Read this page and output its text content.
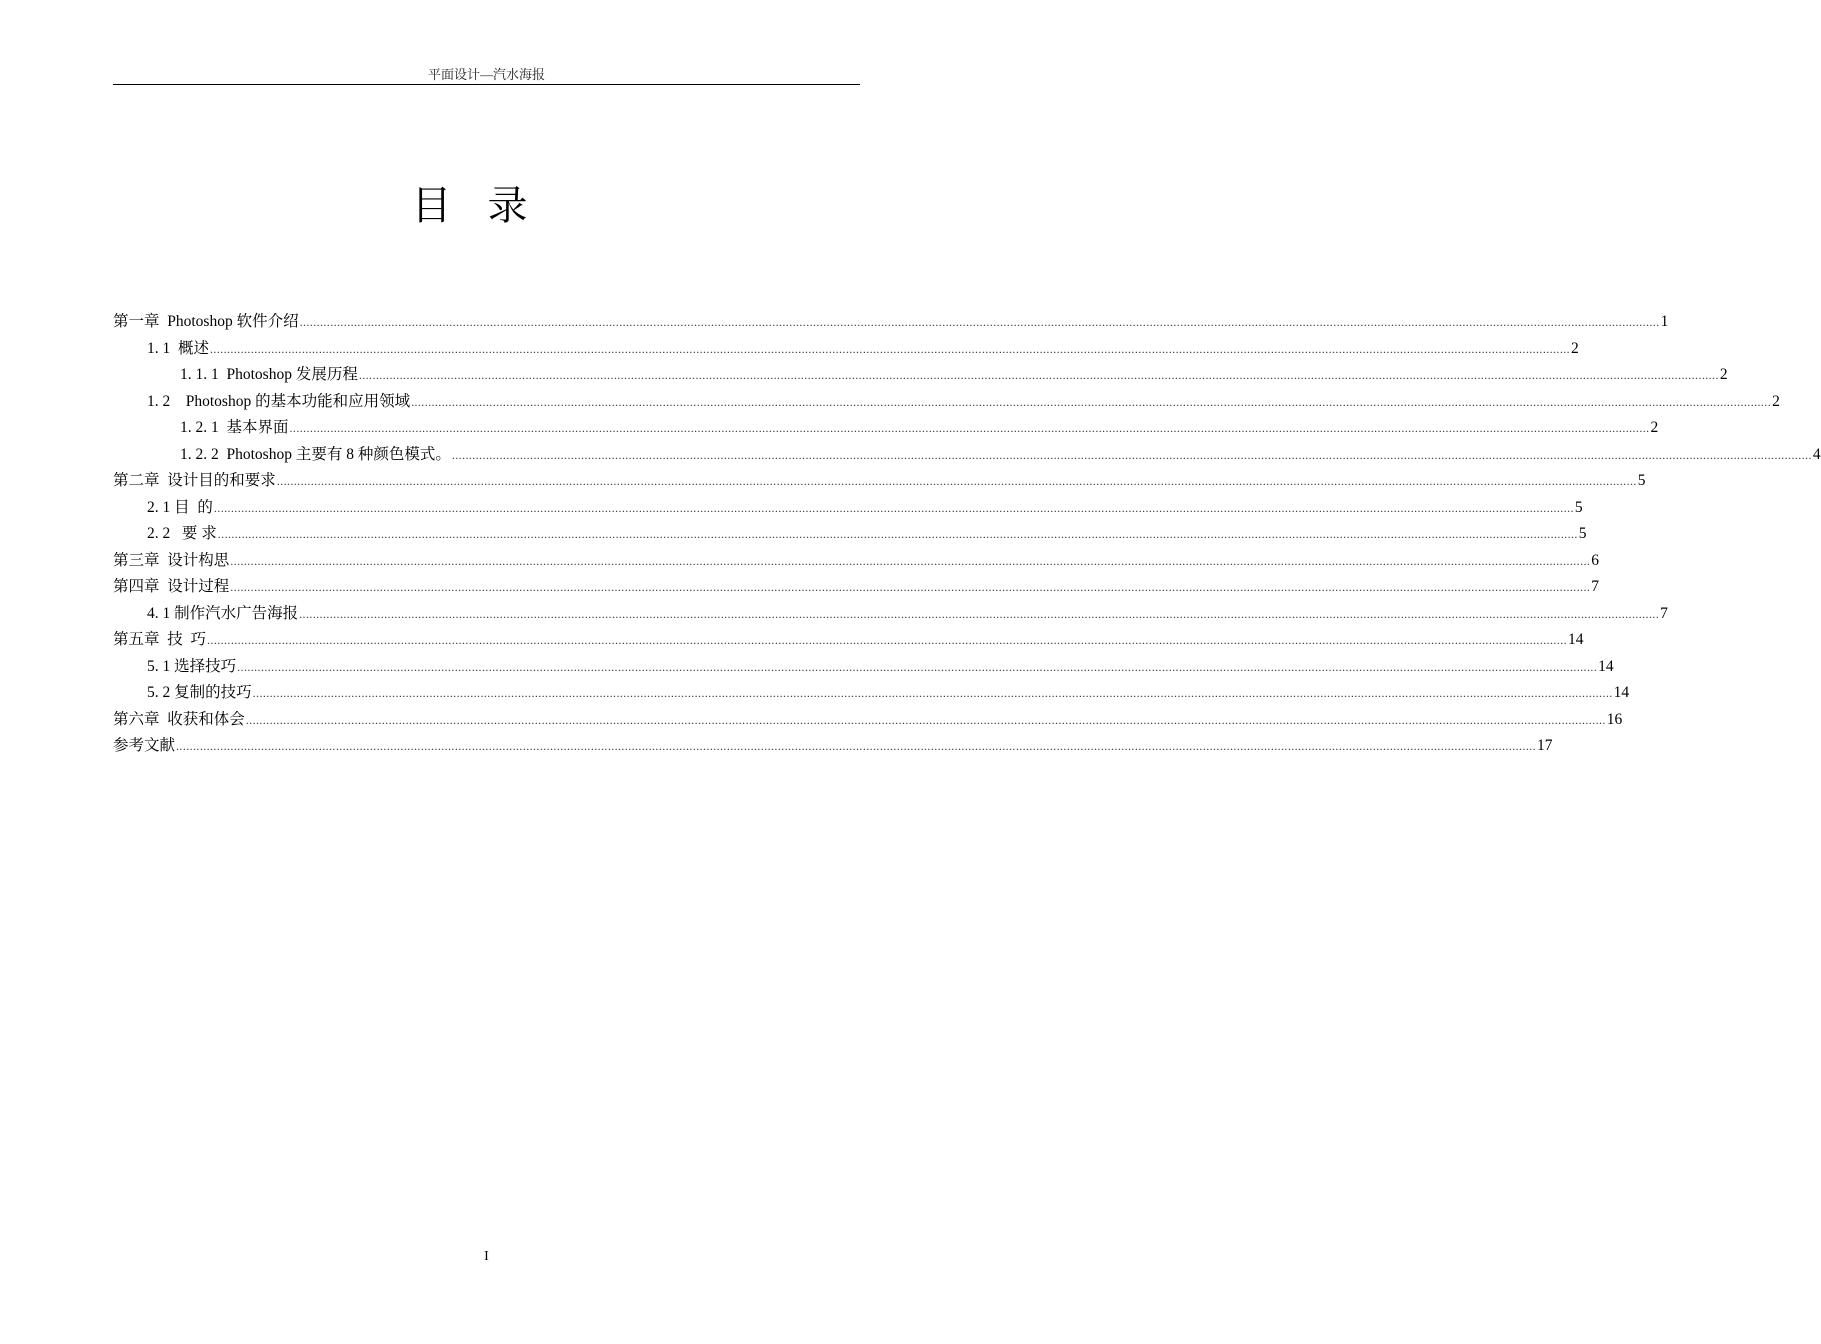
平面设计—汽水海报
目录
第一章  Photoshop 软件介绍 ................................................................................................................................................................................................................................................................................................................................................................................................................ 1
1. 1  概述 ................................................................................................................................................................................................................................................................................................................................................................................................................ 2
1. 1. 1  Photoshop 发展历程 ................................................................................................................................................................................................................................................................................................................................................................................................................ 2
1. 2    Photoshop 的基本功能和应用领域 ................................................................................................................................................................................................................................................................................................................................................................................................................ 2
1. 2. 1  基本界面 ................................................................................................................................................................................................................................................................................................................................................................................................................ 2
1. 2. 2  Photoshop 主要有 8 种颜色模式。 ................................................................................................................................................................................................................................................................................................................................................................................................................ 4
第二章  设计目的和要求 ................................................................................................................................................................................................................................................................................................................................................................................................................ 5
2. 1 目  的 ................................................................................................................................................................................................................................................................................................................................................................................................................ 5
2. 2   要 求 ................................................................................................................................................................................................................................................................................................................................................................................................................ 5
第三章  设计构思 ................................................................................................................................................................................................................................................................................................................................................................................................................ 6
第四章  设计过程 ................................................................................................................................................................................................................................................................................................................................................................................................................ 7
4. 1 制作汽水广告海报 ................................................................................................................................................................................................................................................................................................................................................................................................................ 7
第五章  技  巧 ................................................................................................................................................................................................................................................................................................................................................................................................................ 14
5. 1 选择技巧 ................................................................................................................................................................................................................................................................................................................................................................................................................ 14
5. 2 复制的技巧 ................................................................................................................................................................................................................................................................................................................................................................................................................ 14
第六章  收获和体会 ................................................................................................................................................................................................................................................................................................................................................................................................................ 16
参考文献 ................................................................................................................................................................................................................................................................................................................................................................................................................ 17
I
